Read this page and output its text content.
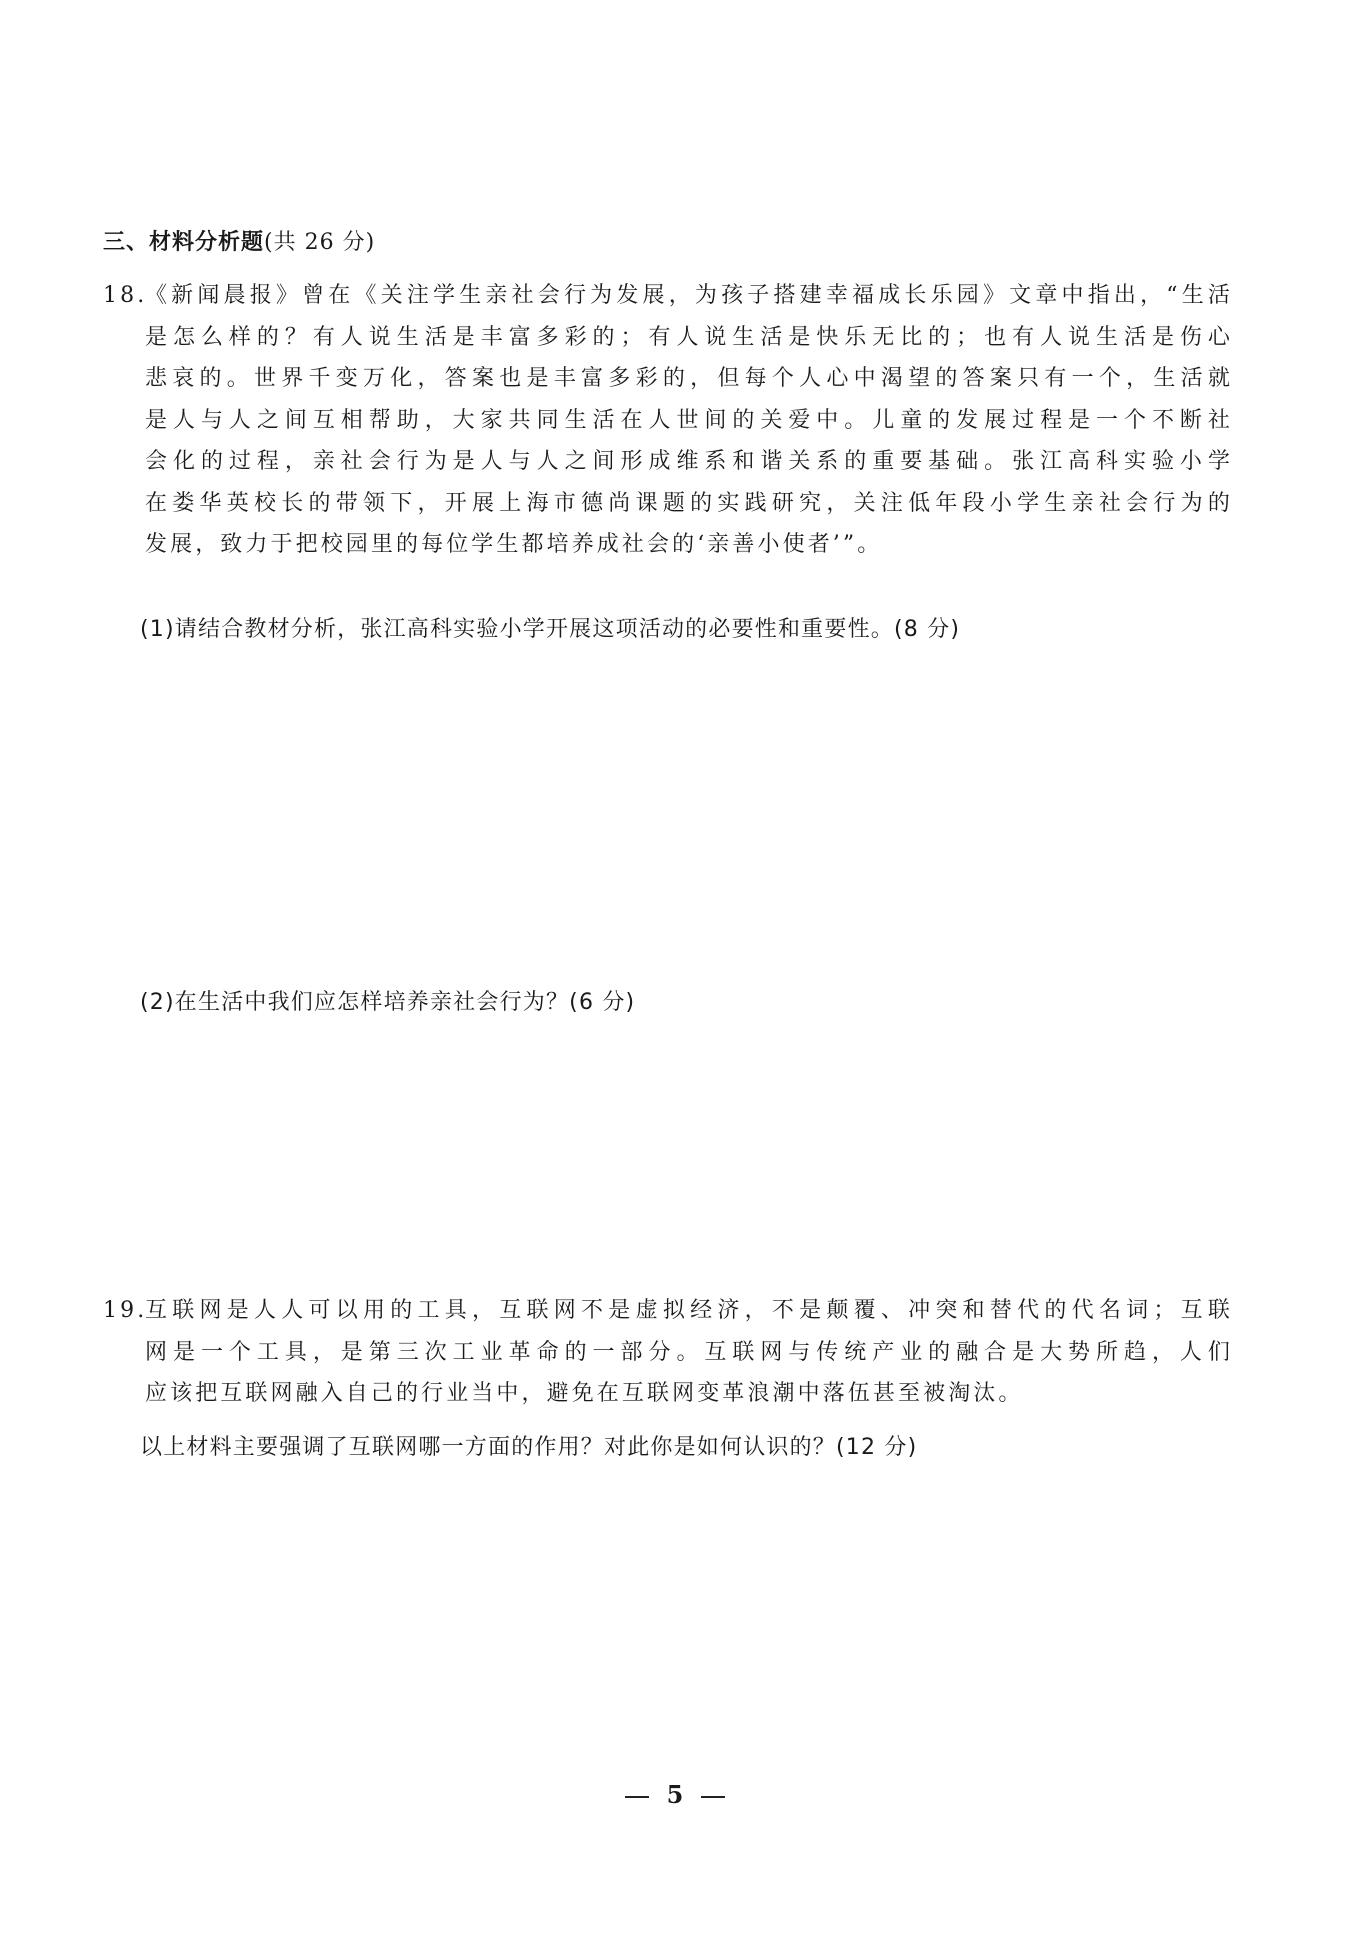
三、材料分析题(共 26 分)
18.
《新闻晨报》曾在《关注学生亲社会行为发展，为孩子搭建幸福成长乐园》文章中指出，“生活
是怎么样的？有人说生活是丰富多彩的；有人说生活是快乐无比的；也有人说生活是伤心
悲哀的。世界千变万化，答案也是丰富多彩的，但每个人心中渴望的答案只有一个，生活就
是人与人之间互相帮助，大家共同生活在人世间的关爱中。儿童的发展过程是一个不断社
会化的过程，亲社会行为是人与人之间形成维系和谐关系的重要基础。张江高科实验小学
在娄华英校长的带领下，开展上海市德尚课题的实践研究，关注低年段小学生亲社会行为的
发展，致力于把校园里的每位学生都培养成社会的‘亲善小使者’”。
(1)请结合教材分析，张江高科实验小学开展这项活动的必要性和重要性。(8 分)
(2)在生活中我们应怎样培养亲社会行为？(6 分)
19.
互联网是人人可以用的工具，互联网不是虚拟经济，不是颠覆、冲突和替代的代名词；互联
网是一个工具，是第三次工业革命的一部分。互联网与传统产业的融合是大势所趋，人们
应该把互联网融入自己的行业当中，避免在互联网变革浪潮中落伍甚至被淘汰。
以上材料主要强调了互联网哪一方面的作用？对此你是如何认识的？(12 分)
5
